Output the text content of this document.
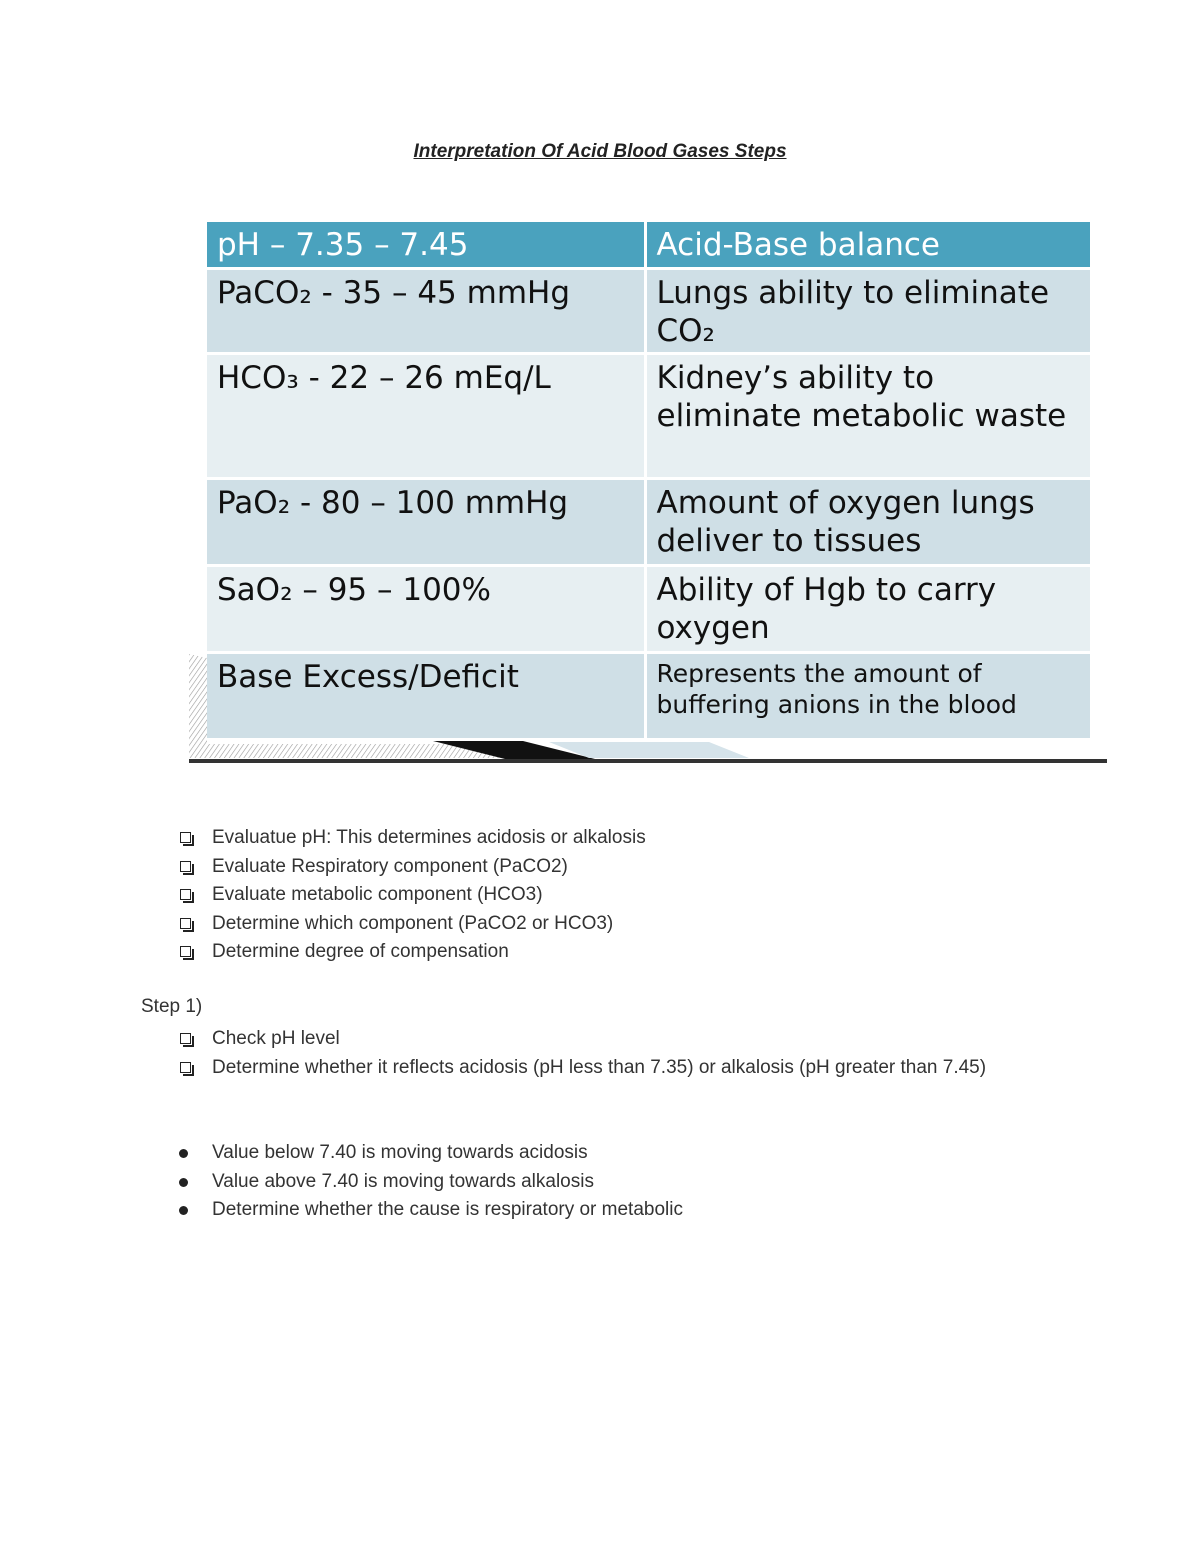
Interpretation Of Acid Blood Gases Steps
pH – 7.35 – 7.45	Acid-Base balance
PaCO₂ - 35 – 45 mmHg	Lungs ability to eliminate CO₂
HCO₃ - 22 – 26 mEq/L	Kidney’s ability to eliminate metabolic waste
PaO₂ - 80 – 100 mmHg	Amount of oxygen lungs deliver to tissues
SaO₂ – 95 – 100%	Ability of Hgb to carry oxygen
Base Excess/Deficit	Represents the amount of buffering anions in the blood
Evaluatue pH: This determines acidosis or alkalosis
Evaluate Respiratory component (PaCO2)
Evaluate metabolic component (HCO3)
Determine which component (PaCO2 or HCO3)
Determine degree of compensation
Step 1)
Check pH level
Determine whether it reflects acidosis (pH less than 7.35) or alkalosis (pH greater than 7.45)
Value below 7.40 is moving towards acidosis
Value above 7.40 is moving towards alkalosis
Determine whether the cause is respiratory or metabolic
